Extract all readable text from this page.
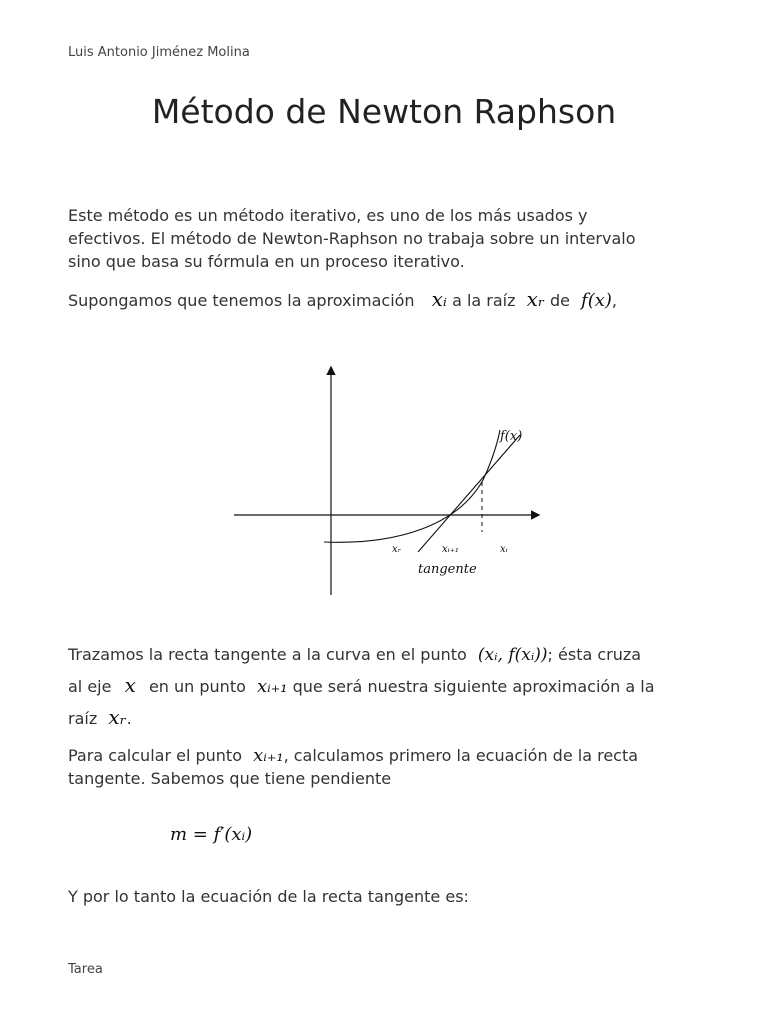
Luis Antonio Jiménez Molina
Método de Newton Raphson
Este método es un método iterativo, es uno de los más usados y
efectivos. El método de Newton-Raphson no trabaja sobre un intervalo
sino que basa su fórmula en un proceso iterativo.
Supongamos que tenemos la aproximación xᵢ a la raíz xᵣ de f(x),
f(x)
xᵣ	xᵢ₊₁	xᵢ
tangente
Trazamos la recta tangente a la curva en el punto (xᵢ, f(xᵢ)); ésta cruza
al eje x en un punto xᵢ₊₁ que será nuestra siguiente aproximación a la
raíz xᵣ.
Para calcular el punto xᵢ₊₁, calculamos primero la ecuación de la recta
tangente. Sabemos que tiene pendiente
m = f′(xᵢ)
Y por lo tanto la ecuación de la recta tangente es:
Tarea
